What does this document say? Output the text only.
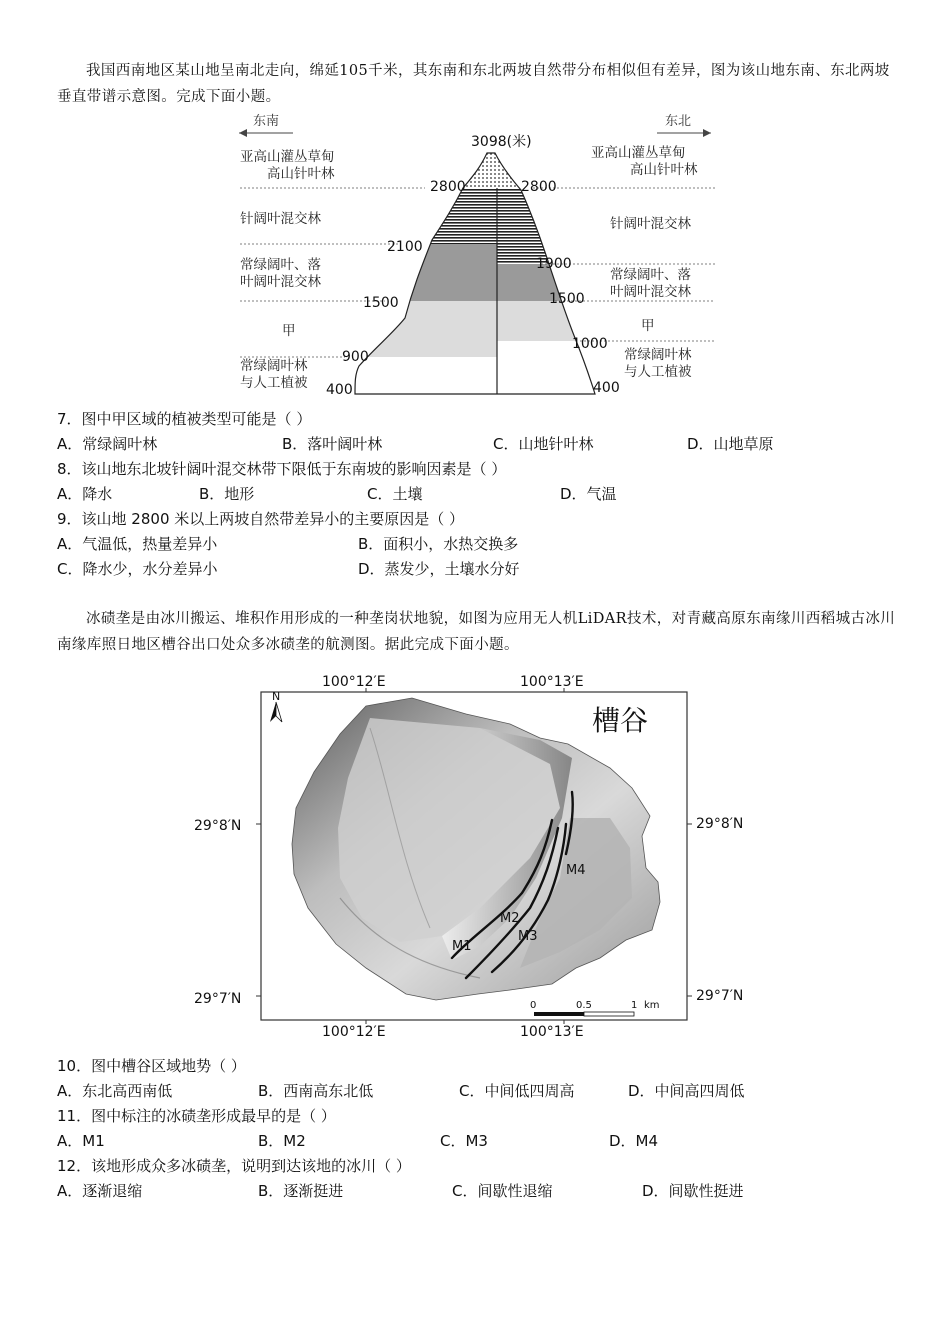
我国西南地区某山地呈南北走向，绵延105千米，其东南和东北两坡自然带分布相似但有差异，图为该山地东南、东北两坡垂直带谱示意图。完成下面小题。
东南	东北
3098(米)
亚高山灌丛草甸
高山针叶林
针阔叶混交林
常绿阔叶、落
叶阔叶混交林
甲
常绿阔叶林
与人工植被
亚高山灌丛草甸
高山针叶林
针阔叶混交林
常绿阔叶、落
叶阔叶混交林
甲
常绿阔叶林
与人工植被
2800
2100
1500
900
400
2800
1900
1500
1000
400
7．图中甲区域的植被类型可能是（ ）
A．常绿阔叶林	B．落叶阔叶林	C．山地针叶林	D．山地草原
8．该山地东北坡针阔叶混交林带下限低于东南坡的影响因素是（ ）
A．降水	B．地形	C．土壤	D．气温
9．该山地 2800 米以上两坡自然带差异小的主要原因是（ ）
A．气温低，热量差异小	B．面积小，水热交换多
C．降水少，水分差异小	D．蒸发少，土壤水分好
冰碛垄是由冰川搬运、堆积作用形成的一种垄岗状地貌，如图为应用无人机LiDAR技术，对青藏高原东南缘川西稻城古冰川南缘库照日地区槽谷出口处众多冰碛垄的航测图。据此完成下面小题。
100°12′E	100°13′E
100°12′E	100°13′E
29°8′N
29°7′N
29°8′N
29°7′N
M1
M2
M3
M4
槽谷
N
0	0.5	1 km
10．图中槽谷区域地势（ ）
A．东北高西南低	B．西南高东北低	C．中间低四周高	D．中间高四周低
11．图中标注的冰碛垄形成最早的是（ ）
A．M1	B．M2	C．M3	D．M4
12．该地形成众多冰碛垄，说明到达该地的冰川（ ）
A．逐渐退缩	B．逐渐挺进	C．间歇性退缩	D．间歇性挺进
